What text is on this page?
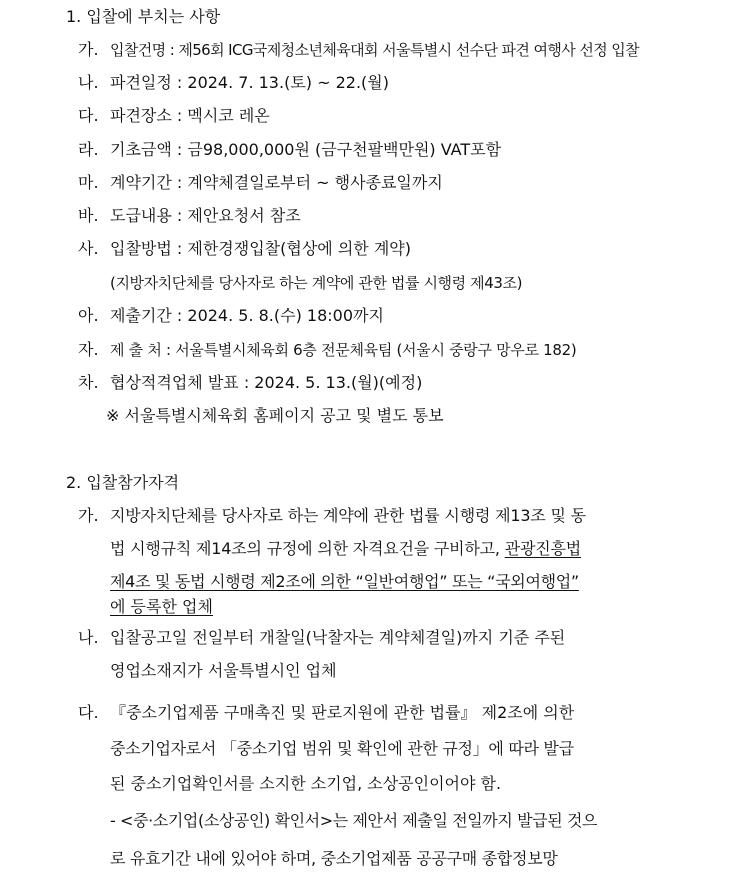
1. 입찰에 부치는 사항
가. 입찰건명 : 제56회 ICG국제청소년체육대회 서울특별시 선수단 파견 여행사 선정 입찰
나. 파견일정 : 2024. 7. 13.(토) ~ 22.(월)
다. 파견장소 : 멕시코 레온
라. 기초금액 : 금98,000,000원 (금구천팔백만원) VAT포함
마. 계약기간 : 계약체결일로부터 ~ 행사종료일까지
바. 도급내용 : 제안요청서 참조
사. 입찰방법 : 제한경쟁입찰(협상에 의한 계약)
(지방자치단체를 당사자로 하는 계약에 관한 법률 시행령 제43조)
아. 제출기간 : 2024. 5. 8.(수) 18:00까지
자. 제 출 처 : 서울특별시체육회 6층 전문체육팀 (서울시 중랑구 망우로 182)
차. 협상적격업체 발표 : 2024. 5. 13.(월)(예정)
※ 서울특별시체육회 홈페이지 공고 및 별도 통보
2. 입찰참가자격
가. 지방자치단체를 당사자로 하는 계약에 관한 법률 시행령 제13조 및 동
법 시행규칙 제14조의 규정에 의한 자격요건을 구비하고, 관광진흥법
제4조 및 동법 시행령 제2조에 의한 “일반여행업” 또는 “국외여행업”
에 등록한 업체
나. 입찰공고일 전일부터 개찰일(낙찰자는 계약체결일)까지 기준 주된
영업소재지가 서울특별시인 업체
다. 『중소기업제품 구매촉진 및 판로지원에 관한 법률』 제2조에 의한
중소기업자로서 「중소기업 범위 및 확인에 관한 규정」에 따라 발급
된 중소기업확인서를 소지한 소기업, 소상공인이어야 함.
- <중·소기업(소상공인) 확인서>는 제안서 제출일 전일까지 발급된 것으
로 유효기간 내에 있어야 하며, 중소기업제품 공공구매 종합정보망
